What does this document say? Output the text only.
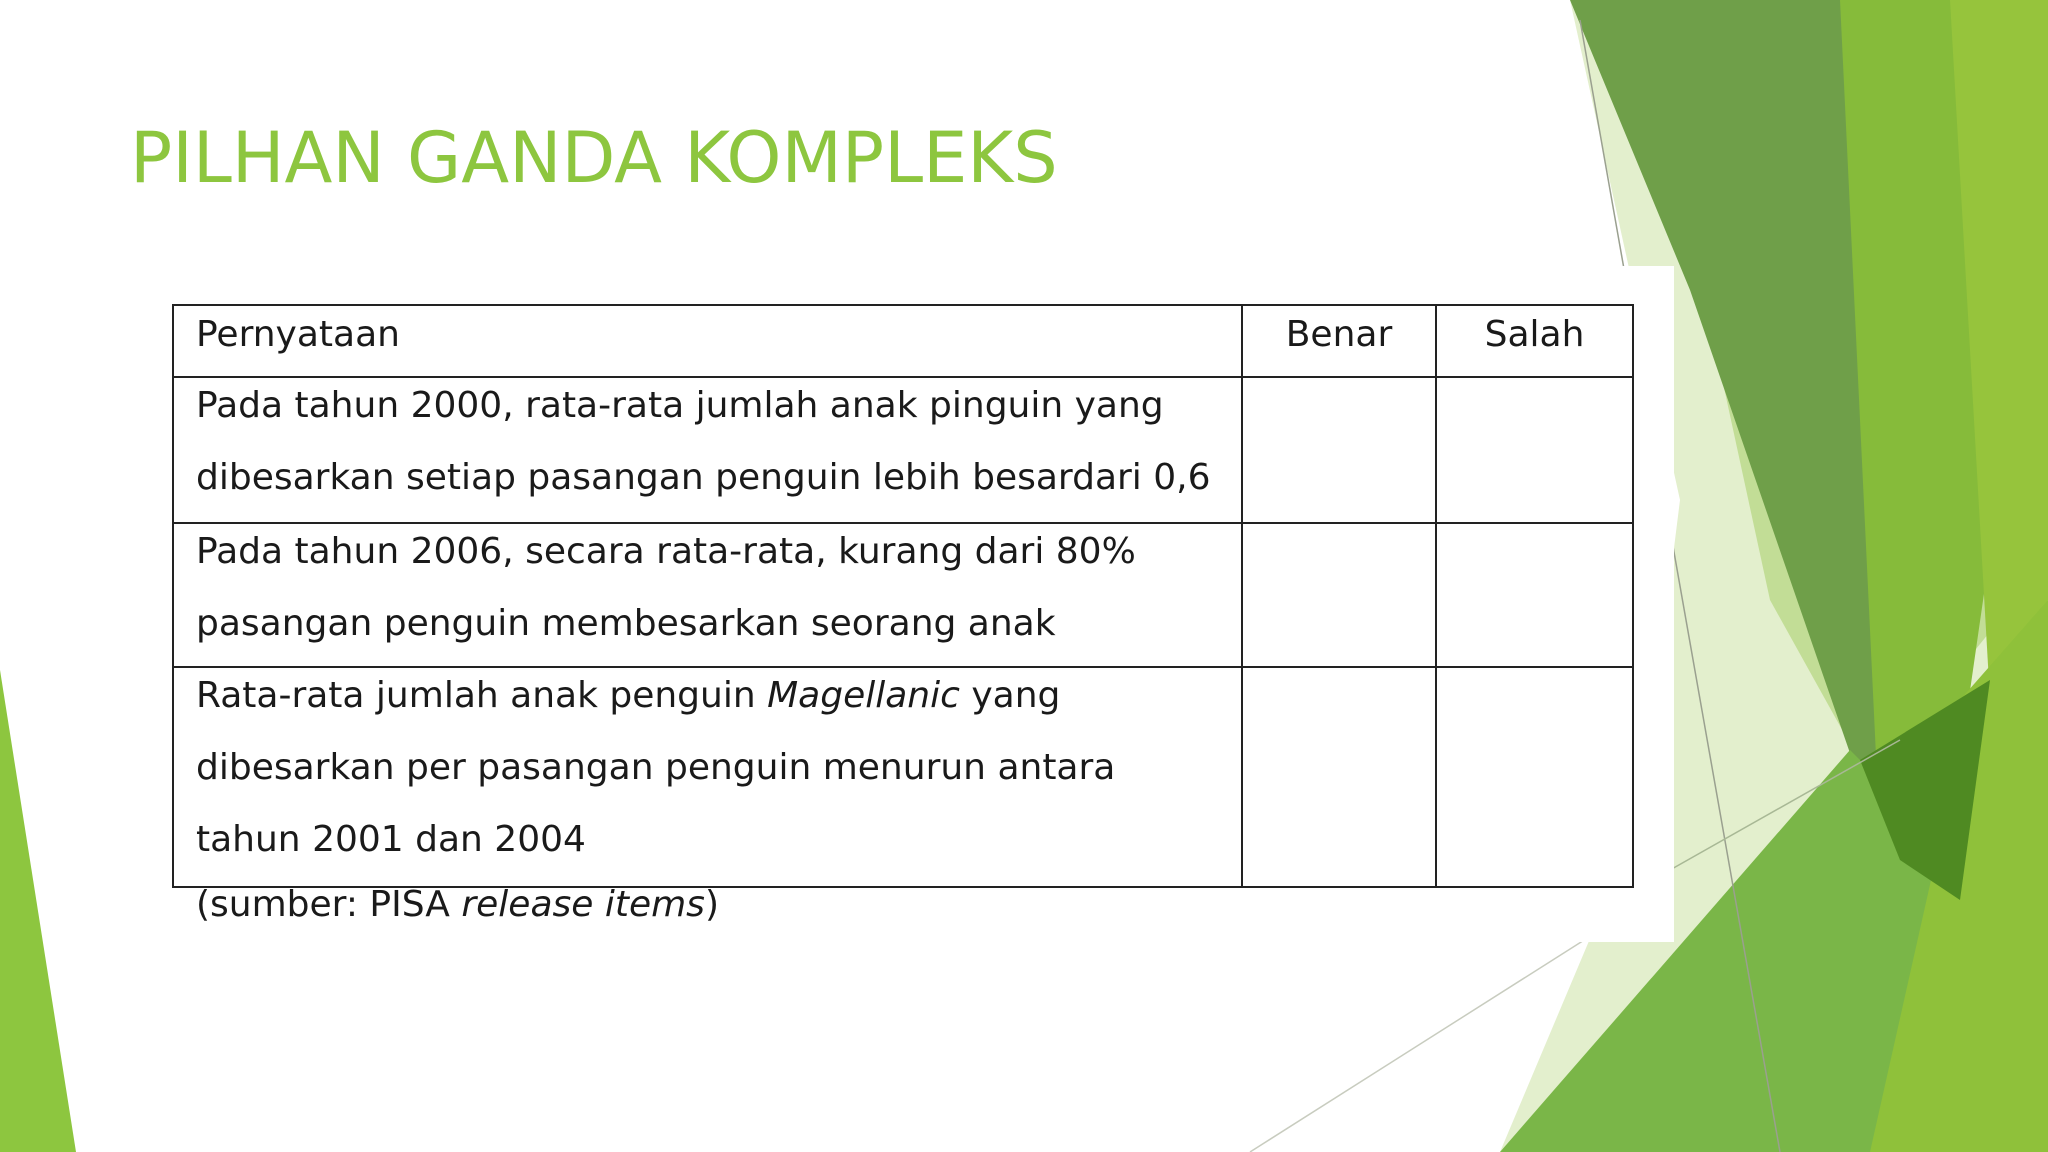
PILHAN GANDA KOMPLEKS
Pernyataan	Benar	Salah

Pada tahun 2000, rata-rata jumlah anak pinguin yang
dibesarkan setiap pasangan penguin lebih besardari 0,6		

Pada tahun 2006, secara rata-rata, kurang dari 80%
pasangan penguin membesarkan seorang anak		

Rata-rata jumlah anak penguin Magellanic yang
dibesarkan per pasangan penguin menurun antara
tahun 2001 dan 2004		

(sumber: PISA release items)
